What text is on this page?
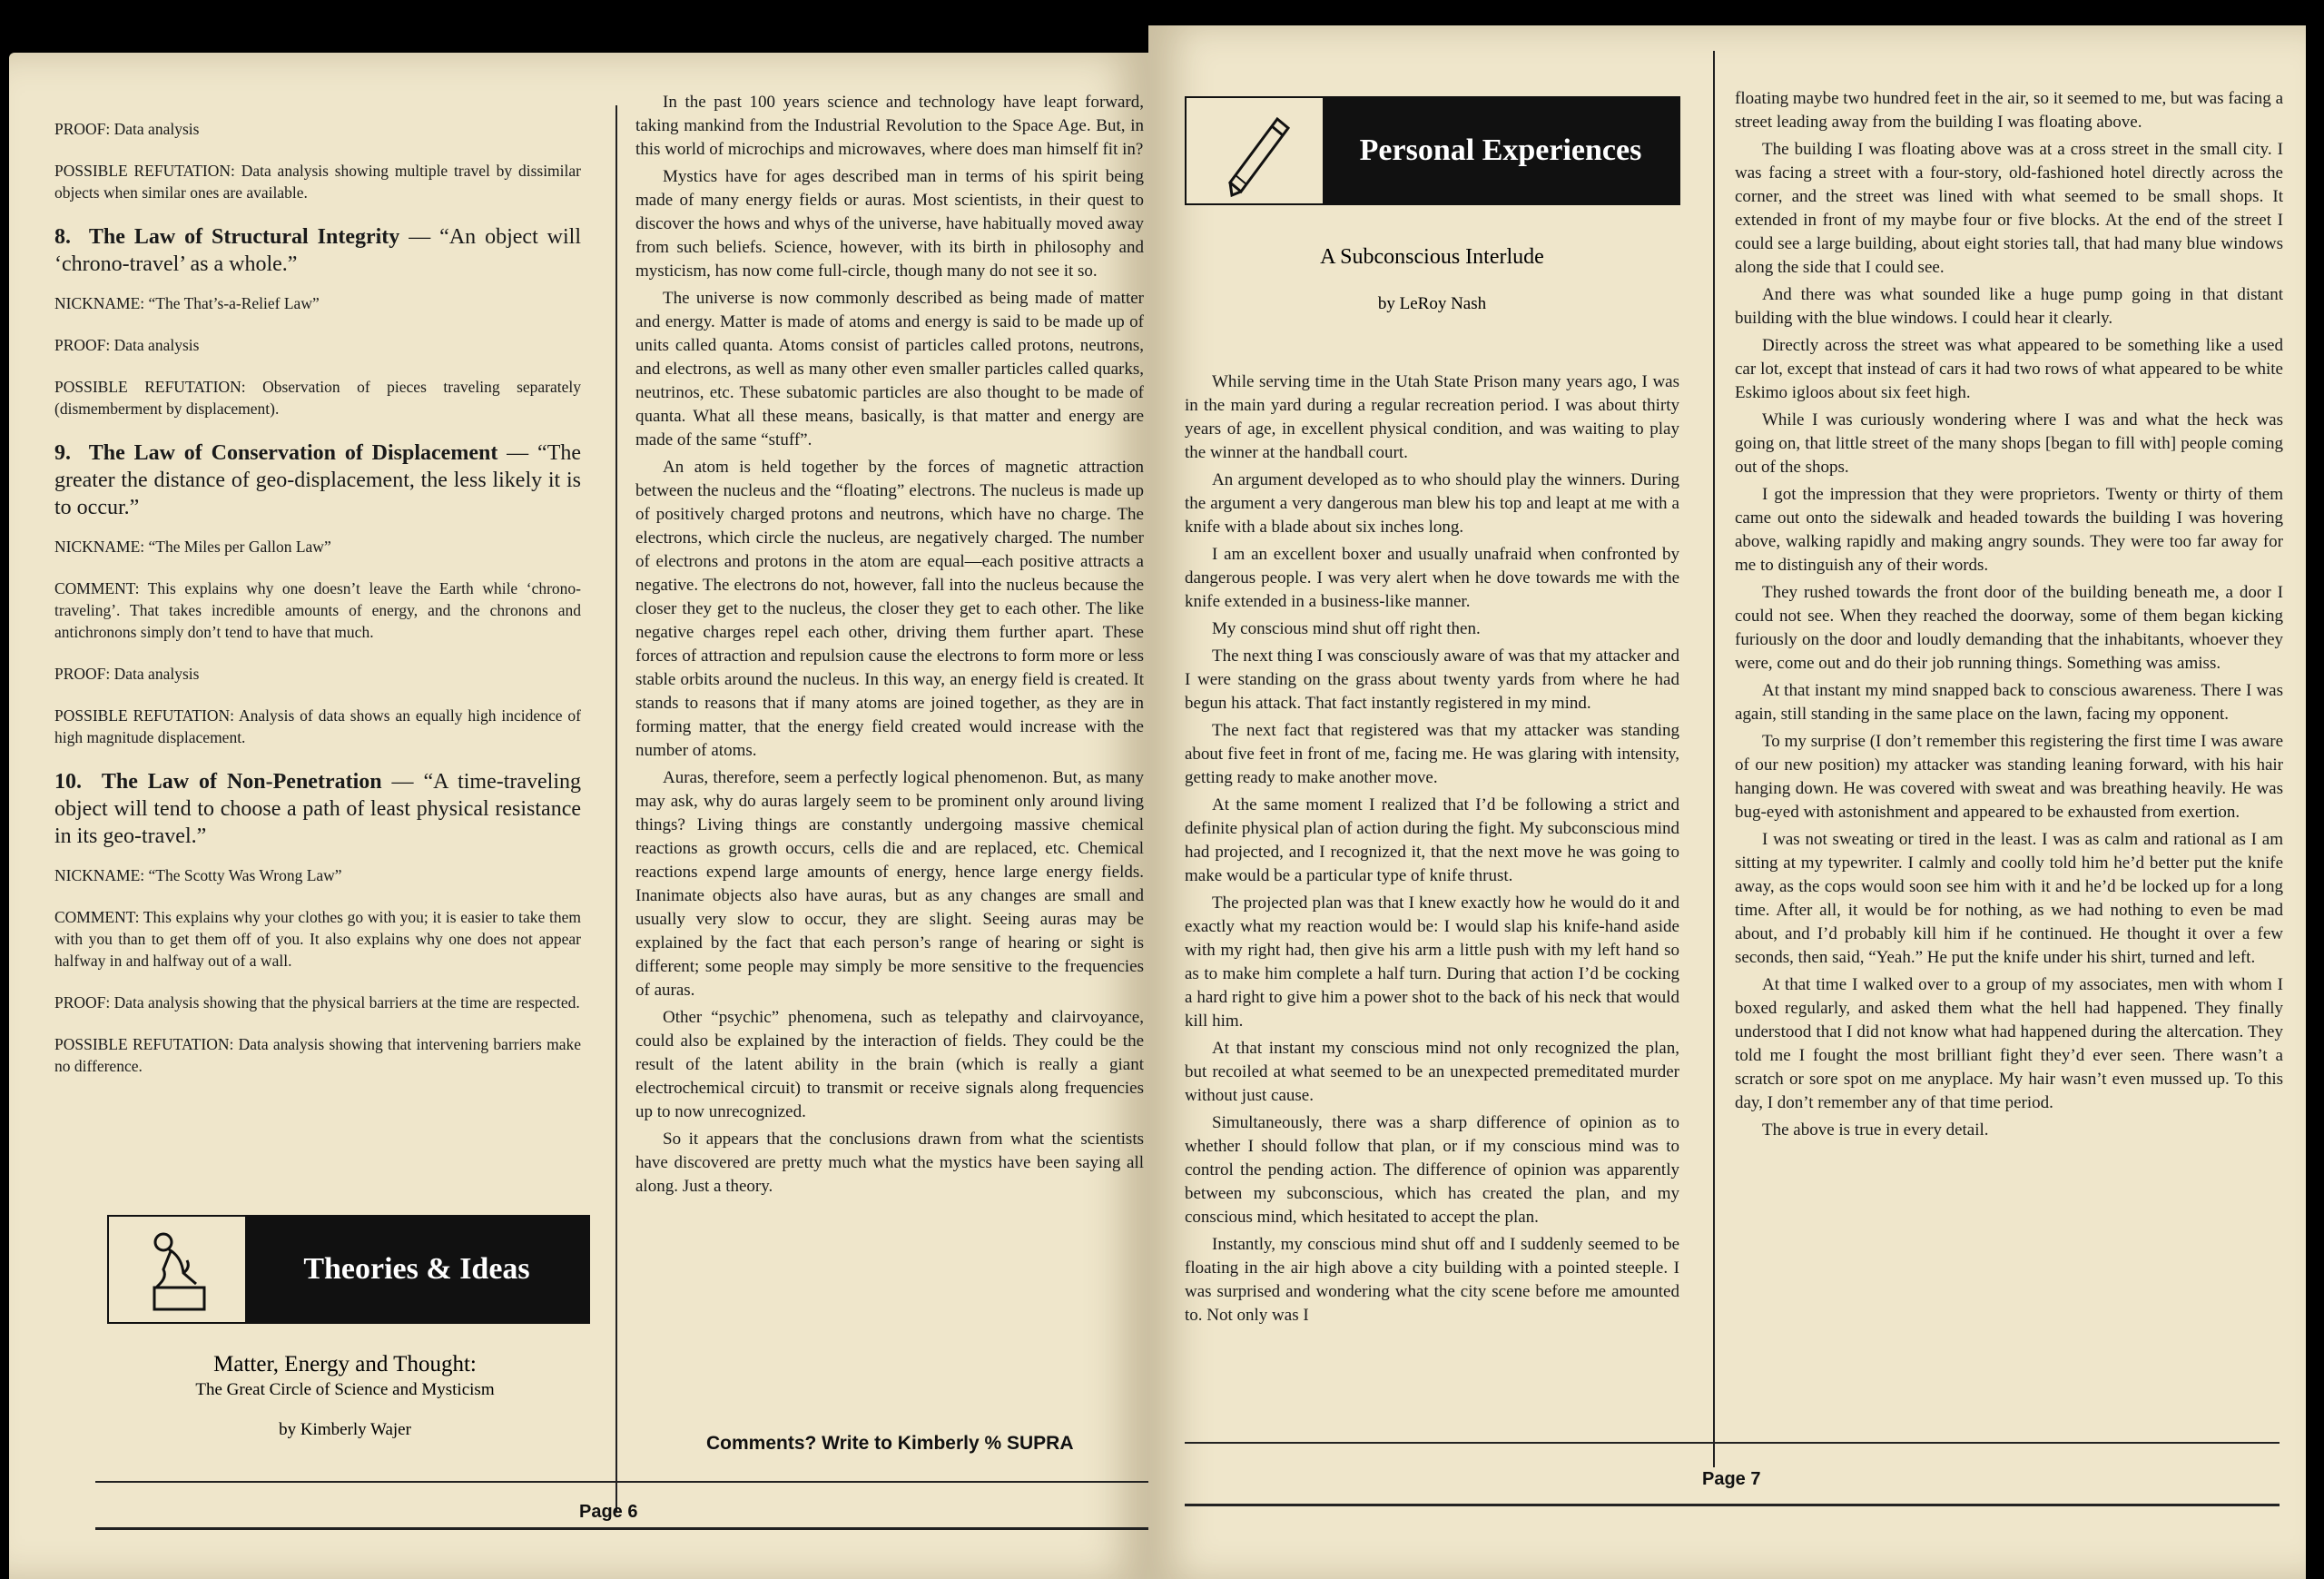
PROOF: Data analysis

POSSIBLE REFUTATION: Data analysis showing multiple travel by dissimilar objects when similar ones are available.

8. The Law of Structural Integrity — “An object will ‘chrono-travel’ as a whole.”

NICKNAME: “The That’s-a-Relief Law”

PROOF: Data analysis

POSSIBLE REFUTATION: Observation of pieces traveling separately (dismemberment by displacement).

9. The Law of Conservation of Displacement — “The greater the distance of geo-displacement, the less likely it is to occur.”

NICKNAME: “The Miles per Gallon Law”

COMMENT: This explains why one doesn’t leave the Earth while ‘chrono-traveling’. That takes incredible amounts of energy, and the chronons and antichronons simply don’t tend to have that much.

PROOF: Data analysis

POSSIBLE REFUTATION: Analysis of data shows an equally high incidence of high magnitude displacement.

10. The Law of Non-Penetration — “A time-traveling object will tend to choose a path of least physical resistance in its geo-travel.”

NICKNAME: “The Scotty Was Wrong Law”

COMMENT: This explains why your clothes go with you; it is easier to take them with you than to get them off of you. It also explains why one does not appear halfway in and halfway out of a wall.

PROOF: Data analysis showing that the physical barriers at the time are respected.

POSSIBLE REFUTATION: Data analysis showing that intervening barriers make no difference.

Theories & Ideas
Matter, Energy and Thought:
The Great Circle of Science and Mysticism
by Kimberly Wajer

In the past 100 years science and technology have leapt forward, taking mankind from the Industrial Revolution to the Space Age. But, in this world of microchips and microwaves, where does man himself fit in?

Mystics have for ages described man in terms of his spirit being made of many energy fields or auras. Most scientists, in their quest to discover the hows and whys of the universe, have habitually moved away from such beliefs. Science, however, with its birth in philosophy and mysticism, has now come full-circle, though many do not see it so.

The universe is now commonly described as being made of matter and energy. Matter is made of atoms and energy is said to be made up of units called quanta. Atoms consist of particles called protons, neutrons, and electrons, as well as many other even smaller particles called quarks, neutrinos, etc. These subatomic particles are also thought to be made of quanta. What all these means, basically, is that matter and energy are made of the same “stuff”.

An atom is held together by the forces of magnetic attraction between the nucleus and the “floating” electrons. The nucleus is made up of positively charged protons and neutrons, which have no charge. The electrons, which circle the nucleus, are negatively charged. The number of electrons and protons in the atom are equal—each positive attracts a negative. The electrons do not, however, fall into the nucleus because the closer they get to the nucleus, the closer they get to each other. The like negative charges repel each other, driving them further apart. These forces of attraction and repulsion cause the electrons to form more or less stable orbits around the nucleus. In this way, an energy field is created. It stands to reasons that if many atoms are joined together, as they are in forming matter, that the energy field created would increase with the number of atoms.

Auras, therefore, seem a perfectly logical phenomenon. But, as many may ask, why do auras largely seem to be prominent only around living things? Living things are constantly undergoing massive chemical reactions as growth occurs, cells die and are replaced, etc. Chemical reactions expend large amounts of energy, hence large energy fields. Inanimate objects also have auras, but as any changes are small and usually very slow to occur, they are slight. Seeing auras may be explained by the fact that each person’s range of hearing or sight is different; some people may simply be more sensitive to the frequencies of auras.

Other “psychic” phenomena, such as telepathy and clairvoyance, could also be explained by the interaction of fields. They could be the result of the latent ability in the brain (which is really a giant electrochemical circuit) to transmit or receive signals along frequencies up to now unrecognized.

So it appears that the conclusions drawn from what the scientists have discovered are pretty much what the mystics have been saying all along. Just a theory.

Comments? Write to Kimberly % SUPRA
Page 6
Personal Experiences
A Subconscious Interlude
by LeRoy Nash

While serving time in the Utah State Prison many years ago, I was in the main yard during a regular recreation period. I was about thirty years of age, in excellent physical condition, and was waiting to play the winner at the handball court.

An argument developed as to who should play the winners. During the argument a very dangerous man blew his top and leapt at me with a knife with a blade about six inches long.

I am an excellent boxer and usually unafraid when confronted by dangerous people. I was very alert when he dove towards me with the knife extended in a business-like manner.

My conscious mind shut off right then.

The next thing I was consciously aware of was that my attacker and I were standing on the grass about twenty yards from where he had begun his attack. That fact instantly registered in my mind.

The next fact that registered was that my attacker was standing about five feet in front of me, facing me. He was glaring with intensity, getting ready to make another move.

At the same moment I realized that I’d be following a strict and definite physical plan of action during the fight. My subconscious mind had projected, and I recognized it, that the next move he was going to make would be a particular type of knife thrust.

The projected plan was that I knew exactly how he would do it and exactly what my reaction would be: I would slap his knife-hand aside with my right had, then give his arm a little push with my left hand so as to make him complete a half turn. During that action I’d be cocking a hard right to give him a power shot to the back of his neck that would kill him.

At that instant my conscious mind not only recognized the plan, but recoiled at what seemed to be an unexpected premeditated murder without just cause.

Simultaneously, there was a sharp difference of opinion as to whether I should follow that plan, or if my conscious mind was to control the pending action. The difference of opinion was apparently between my subconscious, which has created the plan, and my conscious mind, which hesitated to accept the plan.

Instantly, my conscious mind shut off and I suddenly seemed to be floating in the air high above a city building with a pointed steeple. I was surprised and wondering what the city scene before me amounted to. Not only was I

floating maybe two hundred feet in the air, so it seemed to me, but was facing a street leading away from the building I was floating above.

The building I was floating above was at a cross street in the small city. I was facing a street with a four-story, old-fashioned hotel directly across the corner, and the street was lined with what seemed to be small shops. It extended in front of my maybe four or five blocks. At the end of the street I could see a large building, about eight stories tall, that had many blue windows along the side that I could see.

And there was what sounded like a huge pump going in that distant building with the blue windows. I could hear it clearly.

Directly across the street was what appeared to be something like a used car lot, except that instead of cars it had two rows of what appeared to be white Eskimo igloos about six feet high.

While I was curiously wondering where I was and what the heck was going on, that little street of the many shops [began to fill with] people coming out of the shops.

I got the impression that they were proprietors. Twenty or thirty of them came out onto the sidewalk and headed towards the building I was hovering above, walking rapidly and making angry sounds. They were too far away for me to distinguish any of their words.

They rushed towards the front door of the building beneath me, a door I could not see. When they reached the doorway, some of them began kicking furiously on the door and loudly demanding that the inhabitants, whoever they were, come out and do their job running things. Something was amiss.

At that instant my mind snapped back to conscious awareness. There I was again, still standing in the same place on the lawn, facing my opponent.

To my surprise (I don’t remember this registering the first time I was aware of our new position) my attacker was standing leaning forward, with his hair hanging down. He was covered with sweat and was breathing heavily. He was bug-eyed with astonishment and appeared to be exhausted from exertion.

I was not sweating or tired in the least. I was as calm and rational as I am sitting at my typewriter. I calmly and coolly told him he’d better put the knife away, as the cops would soon see him with it and he’d be locked up for a long time. After all, it would be for nothing, as we had nothing to even be mad about, and I’d probably kill him if he continued. He thought it over a few seconds, then said, “Yeah.” He put the knife under his shirt, turned and left.

At that time I walked over to a group of my associates, men with whom I boxed regularly, and asked them what the hell had happened. They finally understood that I did not know what had happened during the altercation. They told me I fought the most brilliant fight they’d ever seen. There wasn’t a scratch or sore spot on me anyplace. My hair wasn’t even mussed up. To this day, I don’t remember any of that time period.

The above is true in every detail.

Page 7
